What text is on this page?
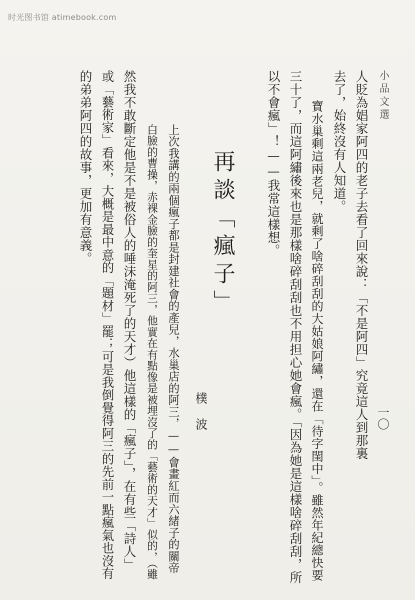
时光图书馆 atimebook.com
小品文選
一〇
人貶為娼家阿四的老子去看了回來說：「不是阿四」究竟這人到那裏
去了，始終沒有人知道。
寶水巢剩這兩老兒，就剩了啥碎刮刮的大姑娘阿繡，還在「待字閨中」。雖然年紀總快要
三十了，而這阿繡後來也是那樣啥碎刮刮也不用担心她會瘋。「因為她是這樣啥碎刮刮，所
以不會瘋」！——我常這樣想。
再談「瘋子」
樸波
上次我講的兩個瘋子都是封建社會的產兒，水巢店的阿三，——會畫紅而六緒子的關帝
白臉的曹操，赤裸金臉的奎星的阿三，他實在有點像是被埋沒了的「藝術的天才」似的，（雖
然我不敢斷定他是不是被俗人的唾沫淹死了的天才）他這樣的「瘋子」，在有些「詩人」
或「藝術家」看來，大概是最中意的「題材」罷；可是我倒覺得阿三的先前一點瘋氣也沒有
的弟弟阿四的故事，更加有意義。
